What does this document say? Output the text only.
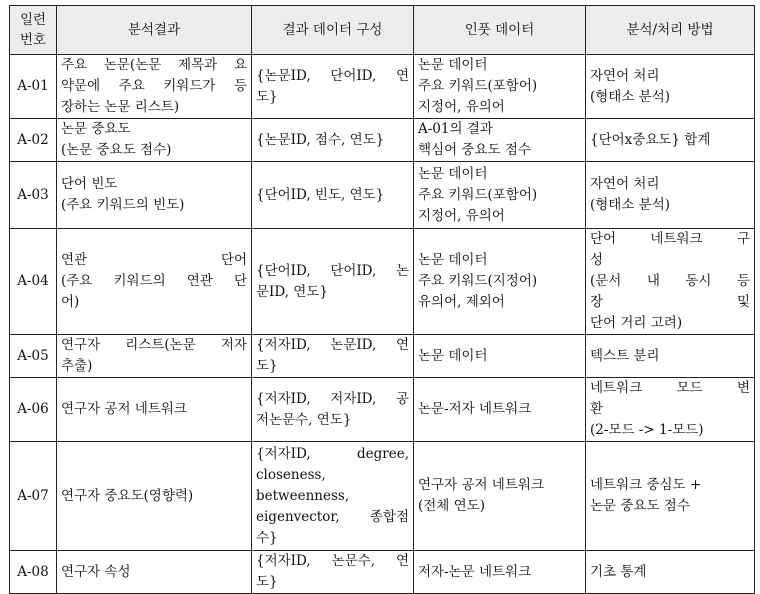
일련
번호	분석결과	결과 데이터 구성	인풋 데이터	분석/처리 방법
A-01	주요 논문(논문 제목과 요
약문에 주요 키워드가 등
장하는 논문 리스트)	{논문ID, 단어ID, 연
도}	논문 데이터
주요 키워드(포함어)
지정어, 유의어	자연어 처리
(형태소 분석)

A-02	논문 중요도
(논문 중요도 점수)	{논문ID, 점수, 연도}	A-01의 결과
핵심어 중요도 점수	{단어x중요도} 합계

A-03	단어 빈도
(주요 키워드의 빈도)	{단어ID, 빈도, 연도}	논문 데이터
주요 키워드(포함어)
지정어, 유의어	자연어 처리
(형태소 분석)

A-04	연관 단어
(주요 키워드의 연관 단
어)	{단어ID, 단어ID, 논
문ID, 연도}	논문 데이터
주요 키워드(지정어)
유의어, 제외어	단어 네트워크 구
성
(문서 내 동시 등
장 및
단어 거리 고려)

A-05	연구자 리스트(논문 저자
추출)	{저자ID, 논문ID, 연
도}	논문 데이터	텍스트 분리

A-06	연구자 공저 네트워크	{저자ID, 저자ID, 공
저논문수, 연도}	논문-저자 네트워크	네트워크 모드 변
환
(2-모드 -> 1-모드)

A-07	연구자 중요도(영향력)	{저자ID, degree,
closeness,
betweenness,
eigenvector, 종합점
수}	연구자 공저 네트워크
(전체 연도)	네트워크 중심도 +
논문 중요도 점수

A-08	연구자 속성	{저자ID, 논문수, 연
도}	저자-논문 네트워크	기초 통계
